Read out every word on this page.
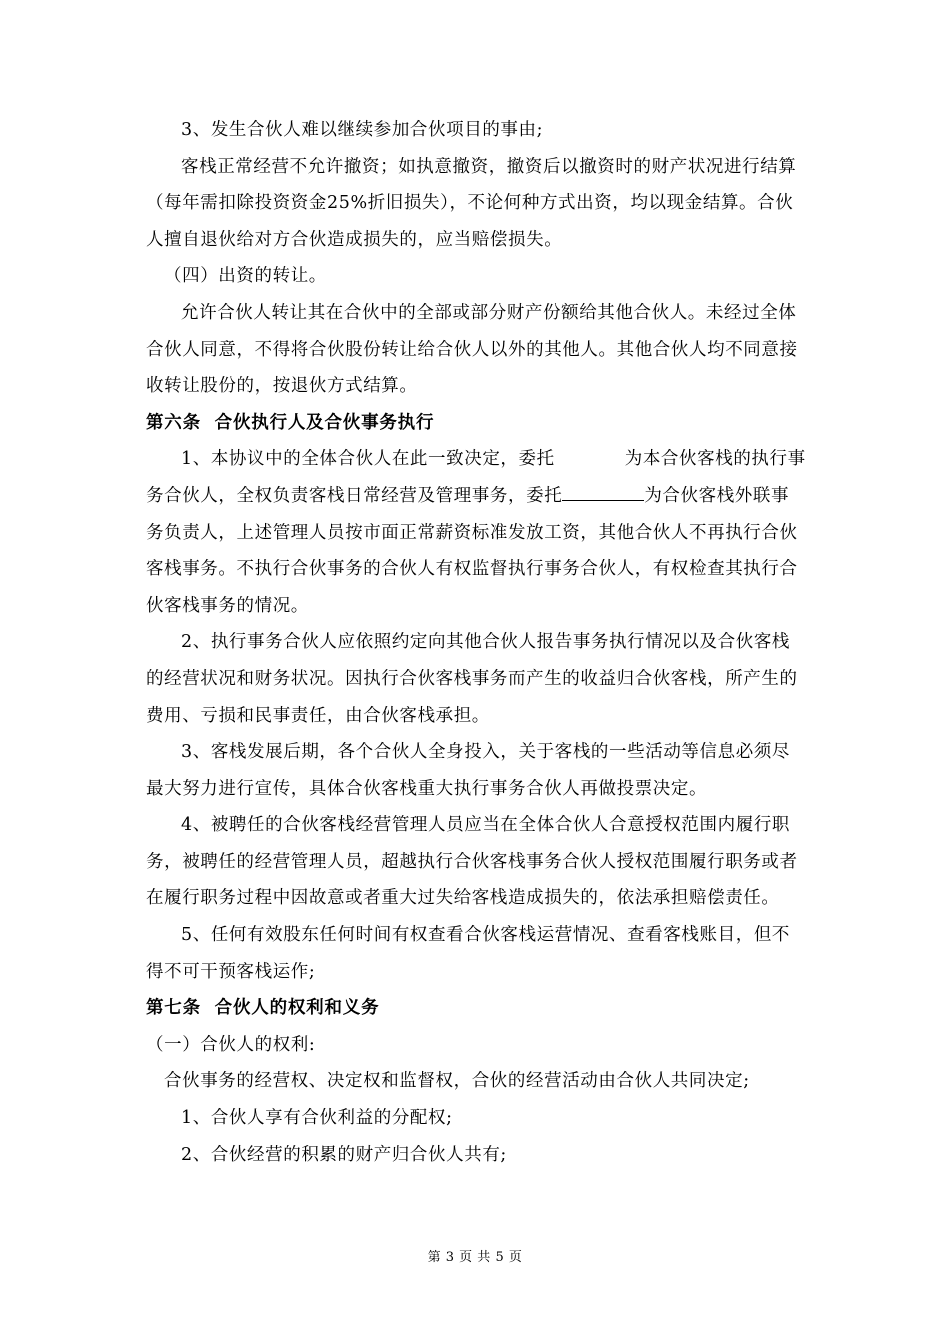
3、发生合伙人难以继续参加合伙项目的事由;

客栈正常经营不允许撤资；如执意撤资，撤资后以撤资时的财产状况进行结算（每年需扣除投资资金25%折旧损失），不论何种方式出资，均以现金结算。合伙人擅自退伙给对方合伙造成损失的，应当赔偿损失。

（四）出资的转让。

允许合伙人转让其在合伙中的全部或部分财产份额给其他合伙人。未经过全体合伙人同意，不得将合伙股份转让给合伙人以外的其他人。其他合伙人均不同意接收转让股份的，按退伙方式结算。

第六条  合伙执行人及合伙事务执行

1、本协议中的全体合伙人在此一致决定，委托	为本合伙客栈的执行事务合伙人，全权负责客栈日常经营及管理事务，委托	为合伙客栈外联事务负责人，上述管理人员按市面正常薪资标准发放工资，其他合伙人不再执行合伙客栈事务。不执行合伙事务的合伙人有权监督执行事务合伙人，有权检查其执行合伙客栈事务的情况。

2、执行事务合伙人应依照约定向其他合伙人报告事务执行情况以及合伙客栈的经营状况和财务状况。因执行合伙客栈事务而产生的收益归合伙客栈，所产生的费用、亏损和民事责任，由合伙客栈承担。

3、客栈发展后期，各个合伙人全身投入，关于客栈的一些活动等信息必须尽最大努力进行宣传，具体合伙客栈重大执行事务合伙人再做投票决定。

4、被聘任的合伙客栈经营管理人员应当在全体合伙人合意授权范围内履行职务，被聘任的经营管理人员，超越执行合伙客栈事务合伙人授权范围履行职务或者在履行职务过程中因故意或者重大过失给客栈造成损失的，依法承担赔偿责任。

5、任何有效股东任何时间有权查看合伙客栈运营情况、查看客栈账目，但不得不可干预客栈运作;

第七条  合伙人的权利和义务

（一）合伙人的权利:

合伙事务的经营权、决定权和监督权，合伙的经营活动由合伙人共同决定;

1、合伙人享有合伙利益的分配权;

2、合伙经营的积累的财产归合伙人共有;

第 3 页 共 5 页
